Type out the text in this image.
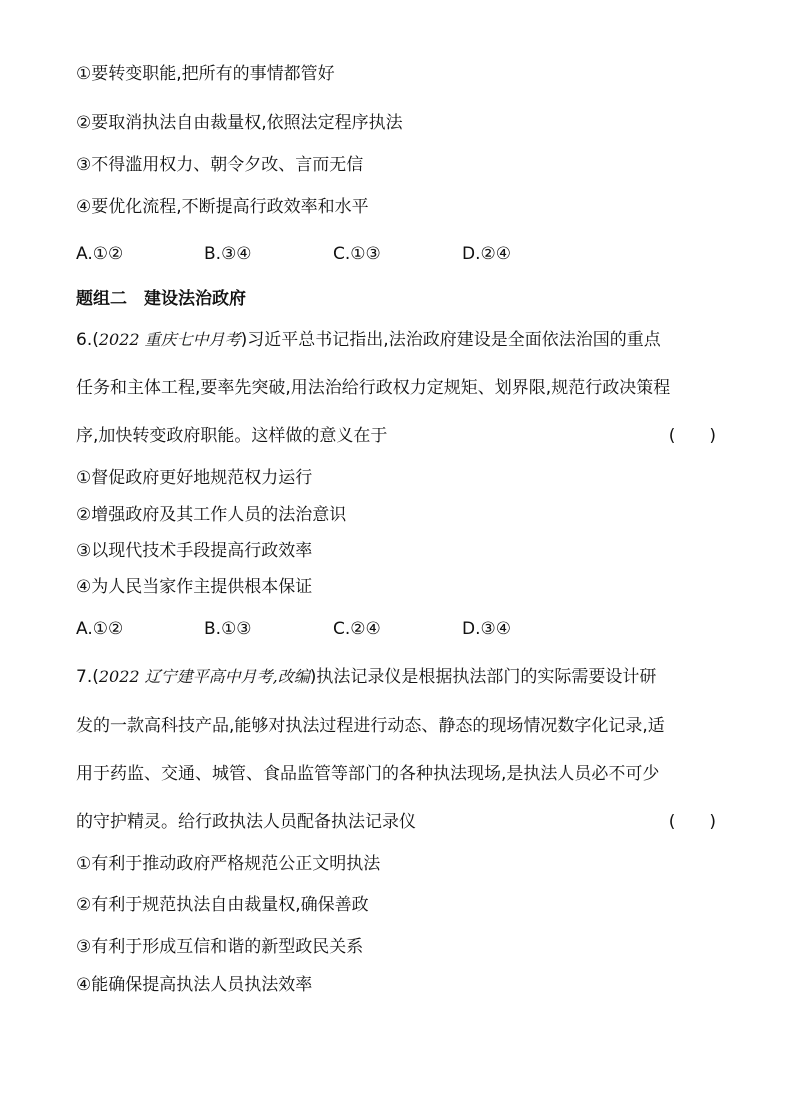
①要转变职能,把所有的事情都管好
②要取消执法自由裁量权,依照法定程序执法
③不得滥用权力、朝令夕改、言而无信
④要优化流程,不断提高行政效率和水平
A.①②	B.③④	C.①③	D.②④
题组二　建设法治政府
6.(2022 重庆七中月考)习近平总书记指出,法治政府建设是全面依法治国的重点
任务和主体工程,要率先突破,用法治给行政权力定规矩、划界限,规范行政决策程
序,加快转变政府职能。这样做的意义在于	(　　)
①督促政府更好地规范权力运行
②增强政府及其工作人员的法治意识
③以现代技术手段提高行政效率
④为人民当家作主提供根本保证
A.①②	B.①③	C.②④	D.③④
7.(2022 辽宁建平高中月考,改编)执法记录仪是根据执法部门的实际需要设计研
发的一款高科技产品,能够对执法过程进行动态、静态的现场情况数字化记录,适
用于药监、交通、城管、食品监管等部门的各种执法现场,是执法人员必不可少
的守护精灵。给行政执法人员配备执法记录仪	(　　)
①有利于推动政府严格规范公正文明执法
②有利于规范执法自由裁量权,确保善政
③有利于形成互信和谐的新型政民关系
④能确保提高执法人员执法效率
